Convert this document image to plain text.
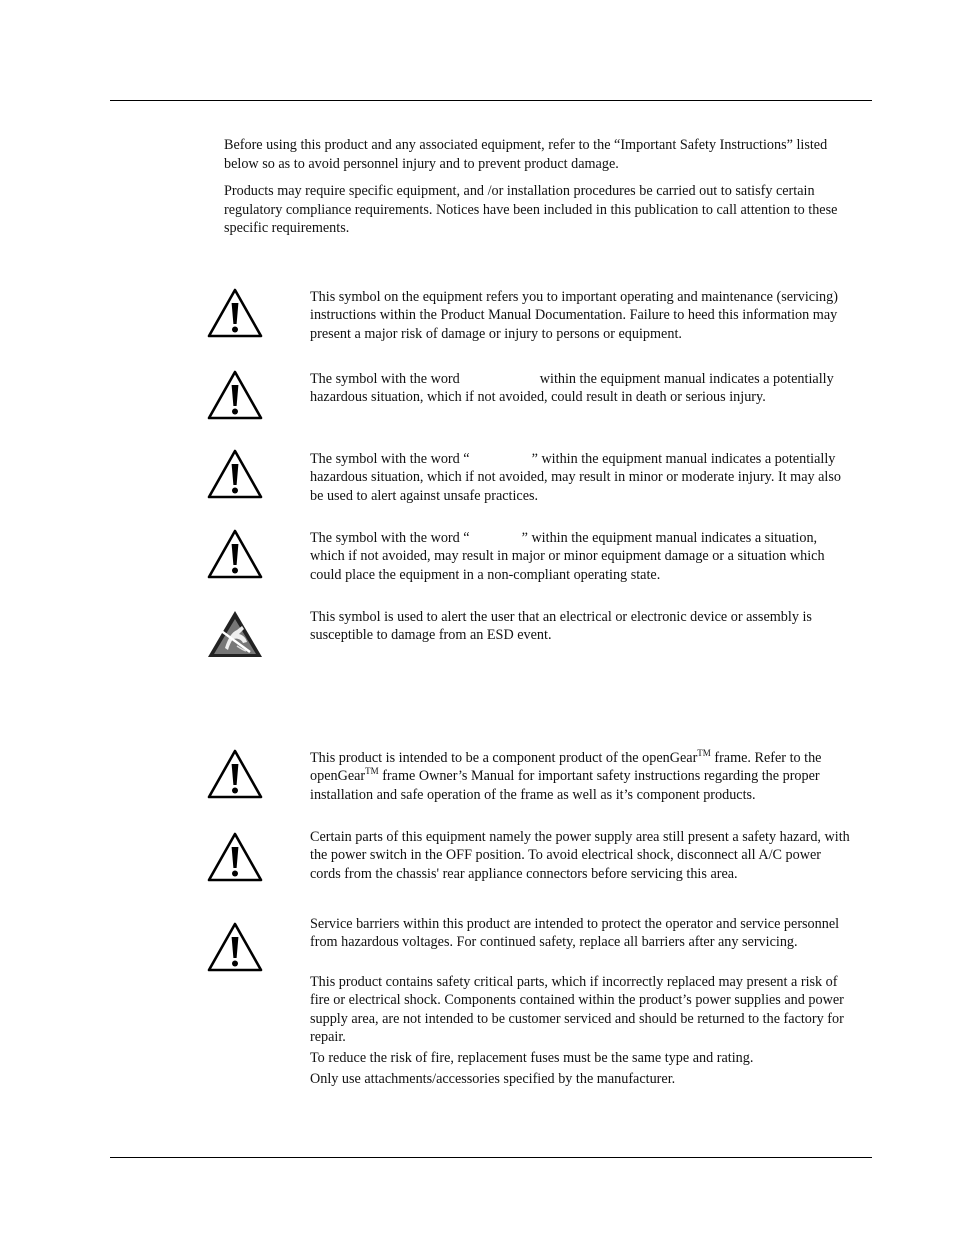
Before using this product and any associated equipment, refer to the “Important Safety Instructions” listed below so as to avoid personnel injury and to prevent product damage.

Products may require specific equipment, and /or installation procedures be carried out to satisfy certain regulatory compliance requirements. Notices have been included in this publication to call attention to these specific requirements.

This symbol on the equipment refers you to important operating and maintenance (servicing) instructions within the Product Manual Documentation. Failure to heed this information may present a major risk of damage or injury to persons or equipment.

The symbol with the word	within the equipment manual indicates a potentially hazardous situation, which if not avoided, could result in death or serious injury.

The symbol with the word “	” within the equipment manual indicates a potentially hazardous situation, which if not avoided, may result in minor or moderate injury. It may also be used to alert against unsafe practices.

The symbol with the word “	” within the equipment manual indicates a situation, which if not avoided, may result in major or minor equipment damage or a situation which could place the equipment in a non-compliant operating state.

This symbol is used to alert the user that an electrical or electronic device or assembly is susceptible to damage from an ESD event.

This product is intended to be a component product of the openGear™ frame. Refer to the openGear™ frame Owner’s Manual for important safety instructions regarding the proper installation and safe operation of the frame as well as it’s component products.

Certain parts of this equipment namely the power supply area still present a safety hazard, with the power switch in the OFF position. To avoid electrical shock, disconnect all A/C power cords from the chassis' rear appliance connectors before servicing this area.

Service barriers within this product are intended to protect the operator and service personnel from hazardous voltages. For continued safety, replace all barriers after any servicing.

This product contains safety critical parts, which if incorrectly replaced may present a risk of fire or electrical shock. Components contained within the product’s power supplies and power supply area, are not intended to be customer serviced and should be returned to the factory for repair.

To reduce the risk of fire, replacement fuses must be the same type and rating.

Only use attachments/accessories specified by the manufacturer.
